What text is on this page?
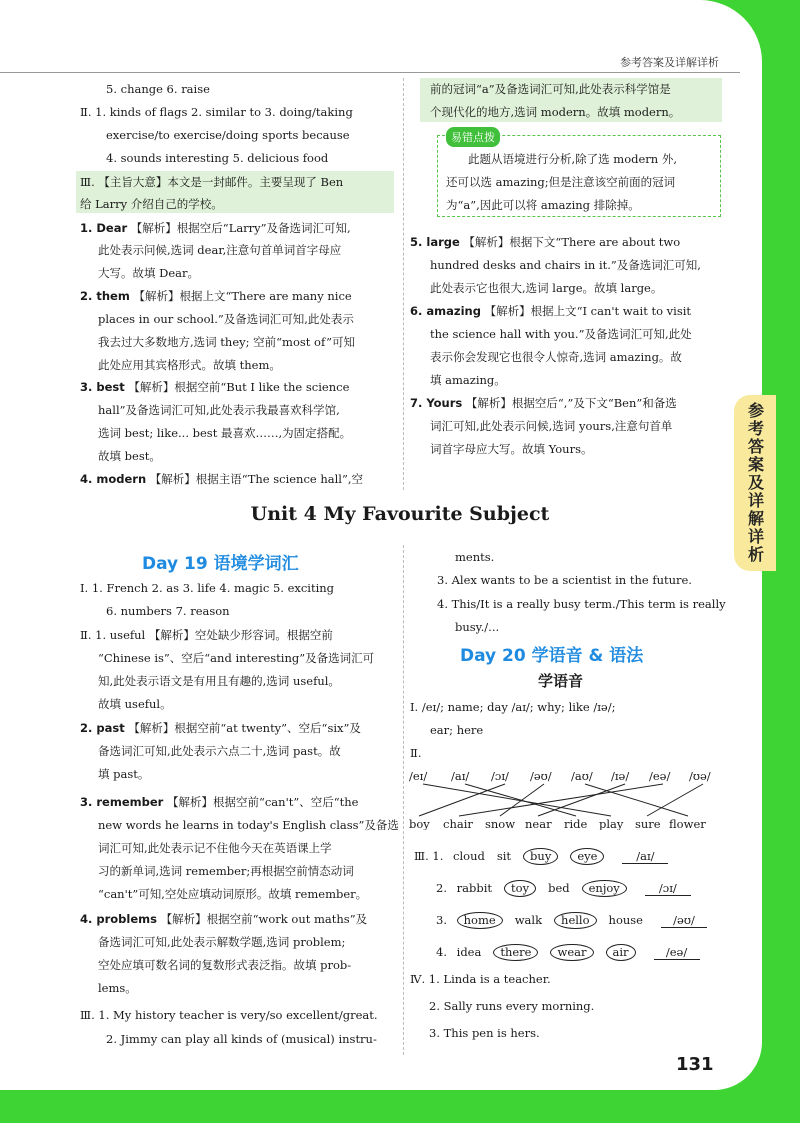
参考答案及详解详析
参考答案及详解详析
5. change 6. raise
Ⅱ. 1. kinds of flags 2. similar to 3. doing/taking
exercise/to exercise/doing sports because
4. sounds interesting 5. delicious food
Ⅲ. 【主旨大意】本文是一封邮件。主要呈现了 Ben
给 Larry 介绍自己的学校。
1. Dear 【解析】根据空后“Larry”及备选词汇可知,
此处表示问候,选词 dear,注意句首单词首字母应
大写。故填 Dear。
2. them 【解析】根据上文“There are many nice
places in our school.”及备选词汇可知,此处表示
我去过大多数地方,选词 they; 空前“most of”可知
此处应用其宾格形式。故填 them。
3. best 【解析】根据空前“But I like the science
hall”及备选词汇可知,此处表示我最喜欢科学馆,
选词 best; like... best 最喜欢……,为固定搭配。
故填 best。
4. modern 【解析】根据主语“The science hall”,空
前的冠词“a”及备选词汇可知,此处表示科学馆是
个现代化的地方,选词 modern。故填 modern。
此题从语境进行分析,除了选 modern 外,
还可以选 amazing;但是注意该空前面的冠词
为“a”,因此可以将 amazing 排除掉。
5. large 【解析】根据下文“There are about two
hundred desks and chairs in it.”及备选词汇可知,
此处表示它也很大,选词 large。故填 large。
6. amazing 【解析】根据上文“I can't wait to visit
the science hall with you.”及备选词汇可知,此处
表示你会发现它也很令人惊奇,选词 amazing。故
填 amazing。
7. Yours 【解析】根据空后“,”及下文“Ben”和备选
词汇可知,此处表示问候,选词 yours,注意句首单
词首字母应大写。故填 Yours。
易错点拨
Unit 4 My Favourite Subject
Day 19 语境学词汇
Ⅰ. 1. French 2. as 3. life 4. magic 5. exciting
6. numbers 7. reason
Ⅱ. 1. useful 【解析】空处缺少形容词。根据空前
“Chinese is”、空后“and interesting”及备选词汇可
知,此处表示语文是有用且有趣的,选词 useful。
故填 useful。
2. past 【解析】根据空前“at twenty”、空后“six”及
备选词汇可知,此处表示六点二十,选词 past。故
填 past。
3. remember 【解析】根据空前“can't”、空后“the
new words he learns in today's English class”及备选
词汇可知,此处表示记不住他今天在英语课上学
习的新单词,选词 remember;再根据空前情态动词
“can't”可知,空处应填动词原形。故填 remember。
4. problems 【解析】根据空前“work out maths”及
备选词汇可知,此处表示解数学题,选词 problem;
空处应填可数名词的复数形式表泛指。故填 prob-
lems。
Ⅲ. 1. My history teacher is very/so excellent/great.
2. Jimmy can play all kinds of (musical) instru-
ments.
3. Alex wants to be a scientist in the future.
4. This/It is a really busy term./This term is really
busy./...
Day 20 学语音 & 语法
学语音
Ⅰ. /eɪ/; name; day /aɪ/; why; like /ɪə/;
ear; here
Ⅱ.
/eɪ/ /aɪ/ /ɔɪ/ /əʊ/ /aʊ/ /ɪə/ /eə/ /ʊə/
boy chair snow near ride play sure flower
Ⅲ. 1. cloud sit buy eye	/aɪ/
2. rabbit toy bed enjoy	/ɔɪ/
3. home walk hello house	/əʊ/
4. idea there wear air	/eə/
Ⅳ. 1. Linda is a teacher.
2. Sally runs every morning.
3. This pen is hers.
131
